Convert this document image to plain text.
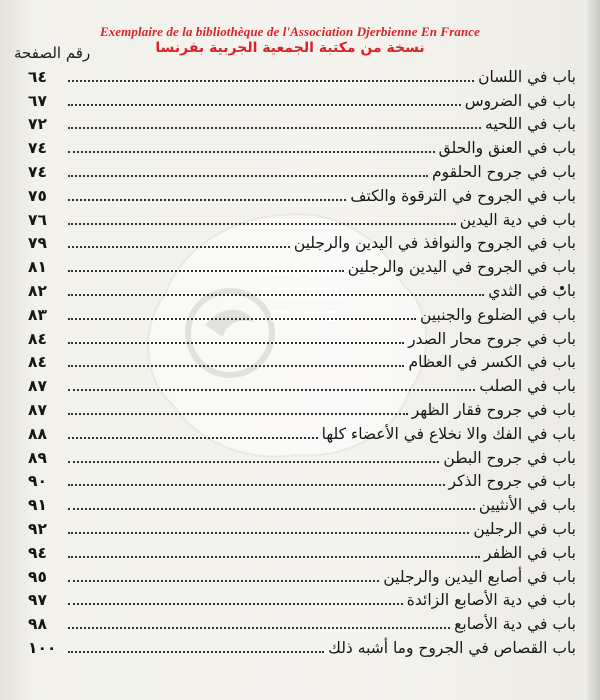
Exemplaire de la bibliothèque de l'Association Djerbienne En France
نسخة من مكتبة الجمعية الجربية بفرنسا
رقم الصفحة
ASSOCIATION
DJERBIEN
FRANCE
باب في اللسان
٦٤
باب في الضروس
٦٧
باب في اللحيه
٧٢
باب في العنق والحلق
٧٤
باب في جروح الحلقوم
٧٤
باب في الجروح في الترقوة والكتف
٧٥
باب في دية اليدين
٧٦
باب في الجروح والنوافذ في اليدين والرجلين
٧٩
باب في الجروح في اليدين والرجلين
٨١
باب في الثدي
٨٢
باب في الضلوع والجنبين
٨٣
باب في جروح محار الصدر
٨٤
باب في الكسر في العظام
٨٤
باب في الصلب
٨٧
باب في جروح فقار الظهر
٨٧
باب في الفك والا نخلاع في الأعضاء كلها
٨٨
باب في جروح البطن
٨٩
باب في جروح الذكر
٩٠
باب في الأنثيين
٩١
باب في الرجلين
٩٢
باب في الظفر
٩٤
باب في أصابع اليدين والرجلين
٩٥
باب في دية الأصابع الزائدة
٩٧
باب في دية الأصابع
٩٨
باب القصاص في الجروح وما أشبه ذلك
١٠٠
